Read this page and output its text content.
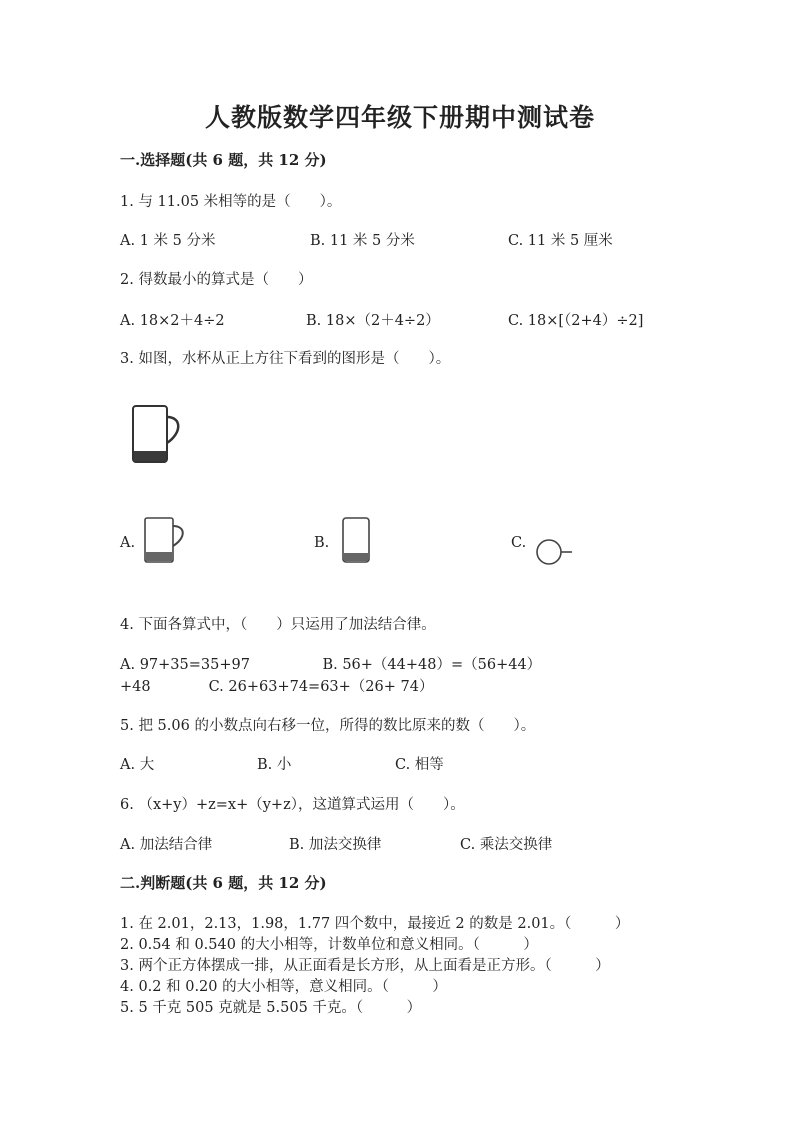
人教版数学四年级下册期中测试卷
一.选择题(共 6 题，共 12 分)

1. 与 11.05 米相等的是（　　）。

A. 1 米 5 分米	B. 11 米 5 分米	C. 11 米 5 厘米

2. 得数最小的算式是（　　）

A. 18×2＋4÷2	B. 18×（2＋4÷2）	C. 18×[（2+4）÷2]

3. 如图，水杯从正上方往下看到的图形是（　　）。

A.	B.	C.

4. 下面各算式中，（　　）只运用了加法结合律。

A. 97+35=35+97　　　　　B. 56+（44+48）=（56+44）

+48　　　　C. 26+63+74=63+（26+ 74）

5. 把 5.06 的小数点向右移一位，所得的数比原来的数（　　）。

A. 大	B. 小	C. 相等

6. （x+y）+z=x+（y+z），这道算式运用（　　）。

A. 加法结合律	B. 加法交换律	C. 乘法交换律

二.判断题(共 6 题，共 12 分)

1. 在 2.01，2.13，1.98，1.77 四个数中，最接近 2 的数是 2.01。（　　　）

2. 0.54 和 0.540 的大小相等，计数单位和意义相同。（　　　）

3. 两个正方体摆成一排，从正面看是长方形，从上面看是正方形。（　　　）

4. 0.2 和 0.20 的大小相等，意义相同。（　　　）

5. 5 千克 505 克就是 5.505 千克。（　　　）
